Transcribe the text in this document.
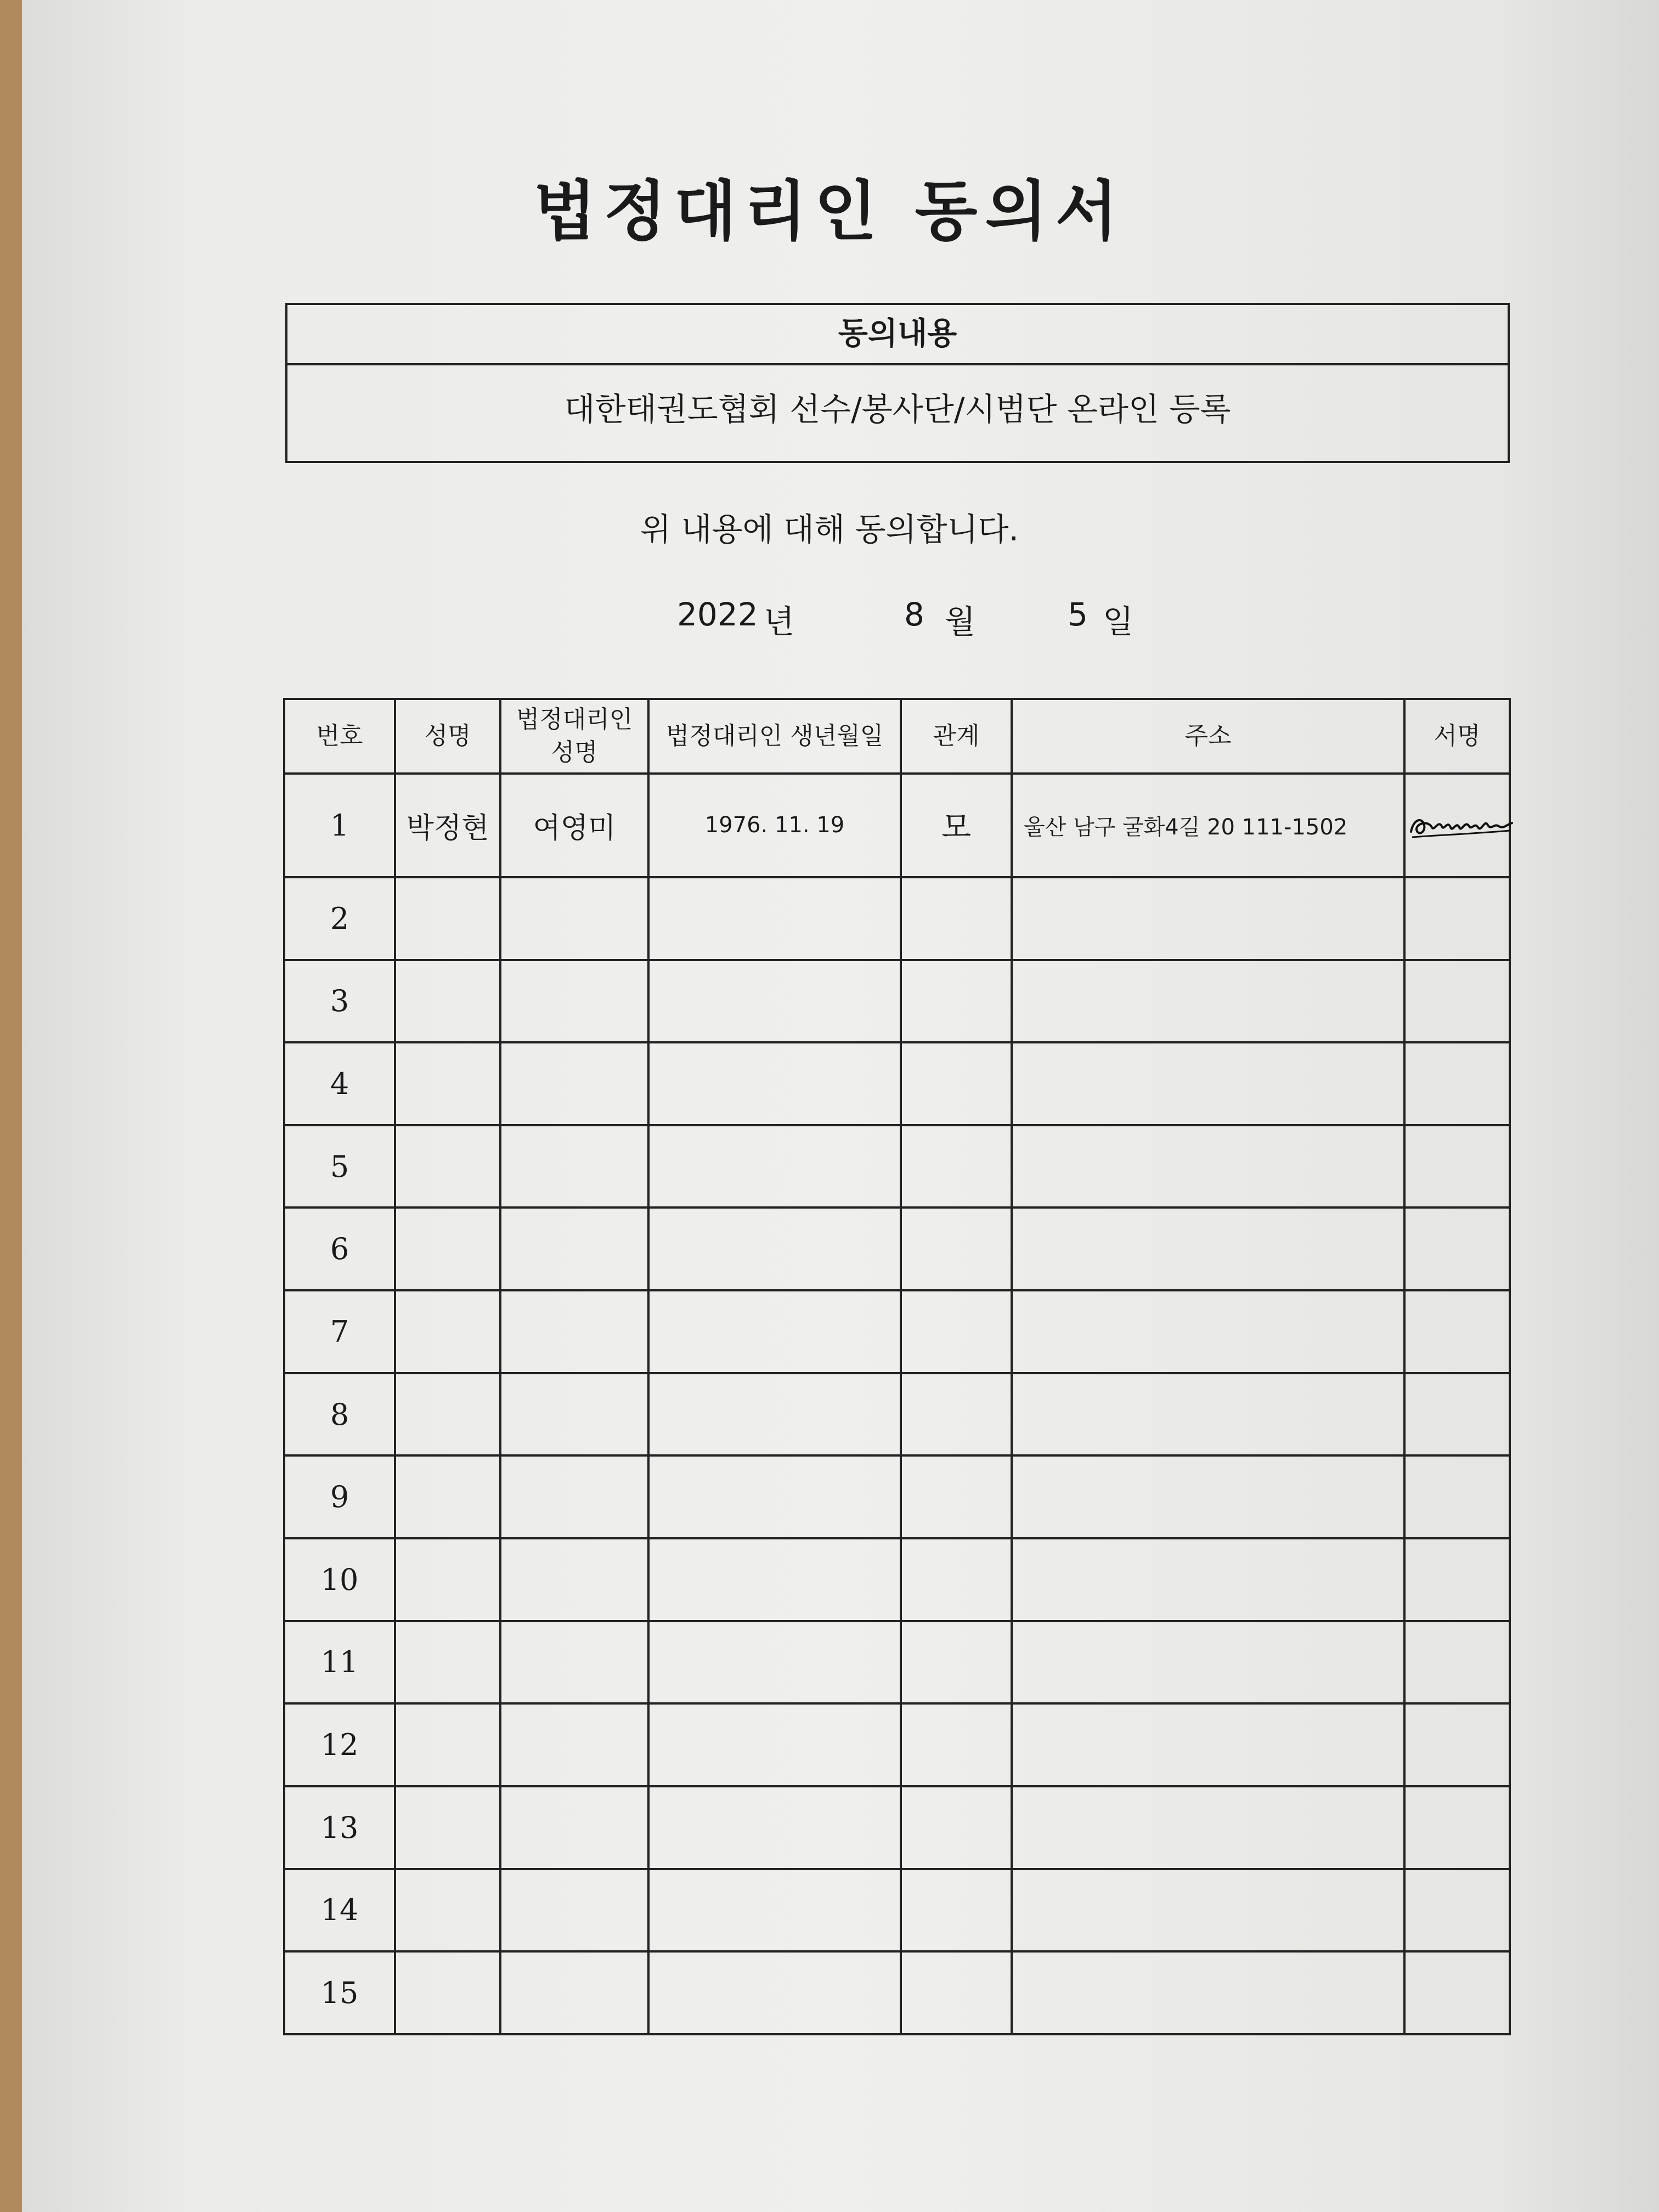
법정대리인 동의서
동의내용
대한태권도협회 선수/봉사단/시범단 온라인 등록
위 내용에 대해 동의합니다.
2022 년	8 월	5 일
번호	성명	법정대리인 성명	법정대리인 생년월일	관계	주소	서명
1	박정현	여영미	1976. 11. 19	모	울산 남구 굴화4길 20 111-1502	

2						
3						
4						
5						
6						
7						
8						
9						
10						
11						
12						
13						
14						
15						
